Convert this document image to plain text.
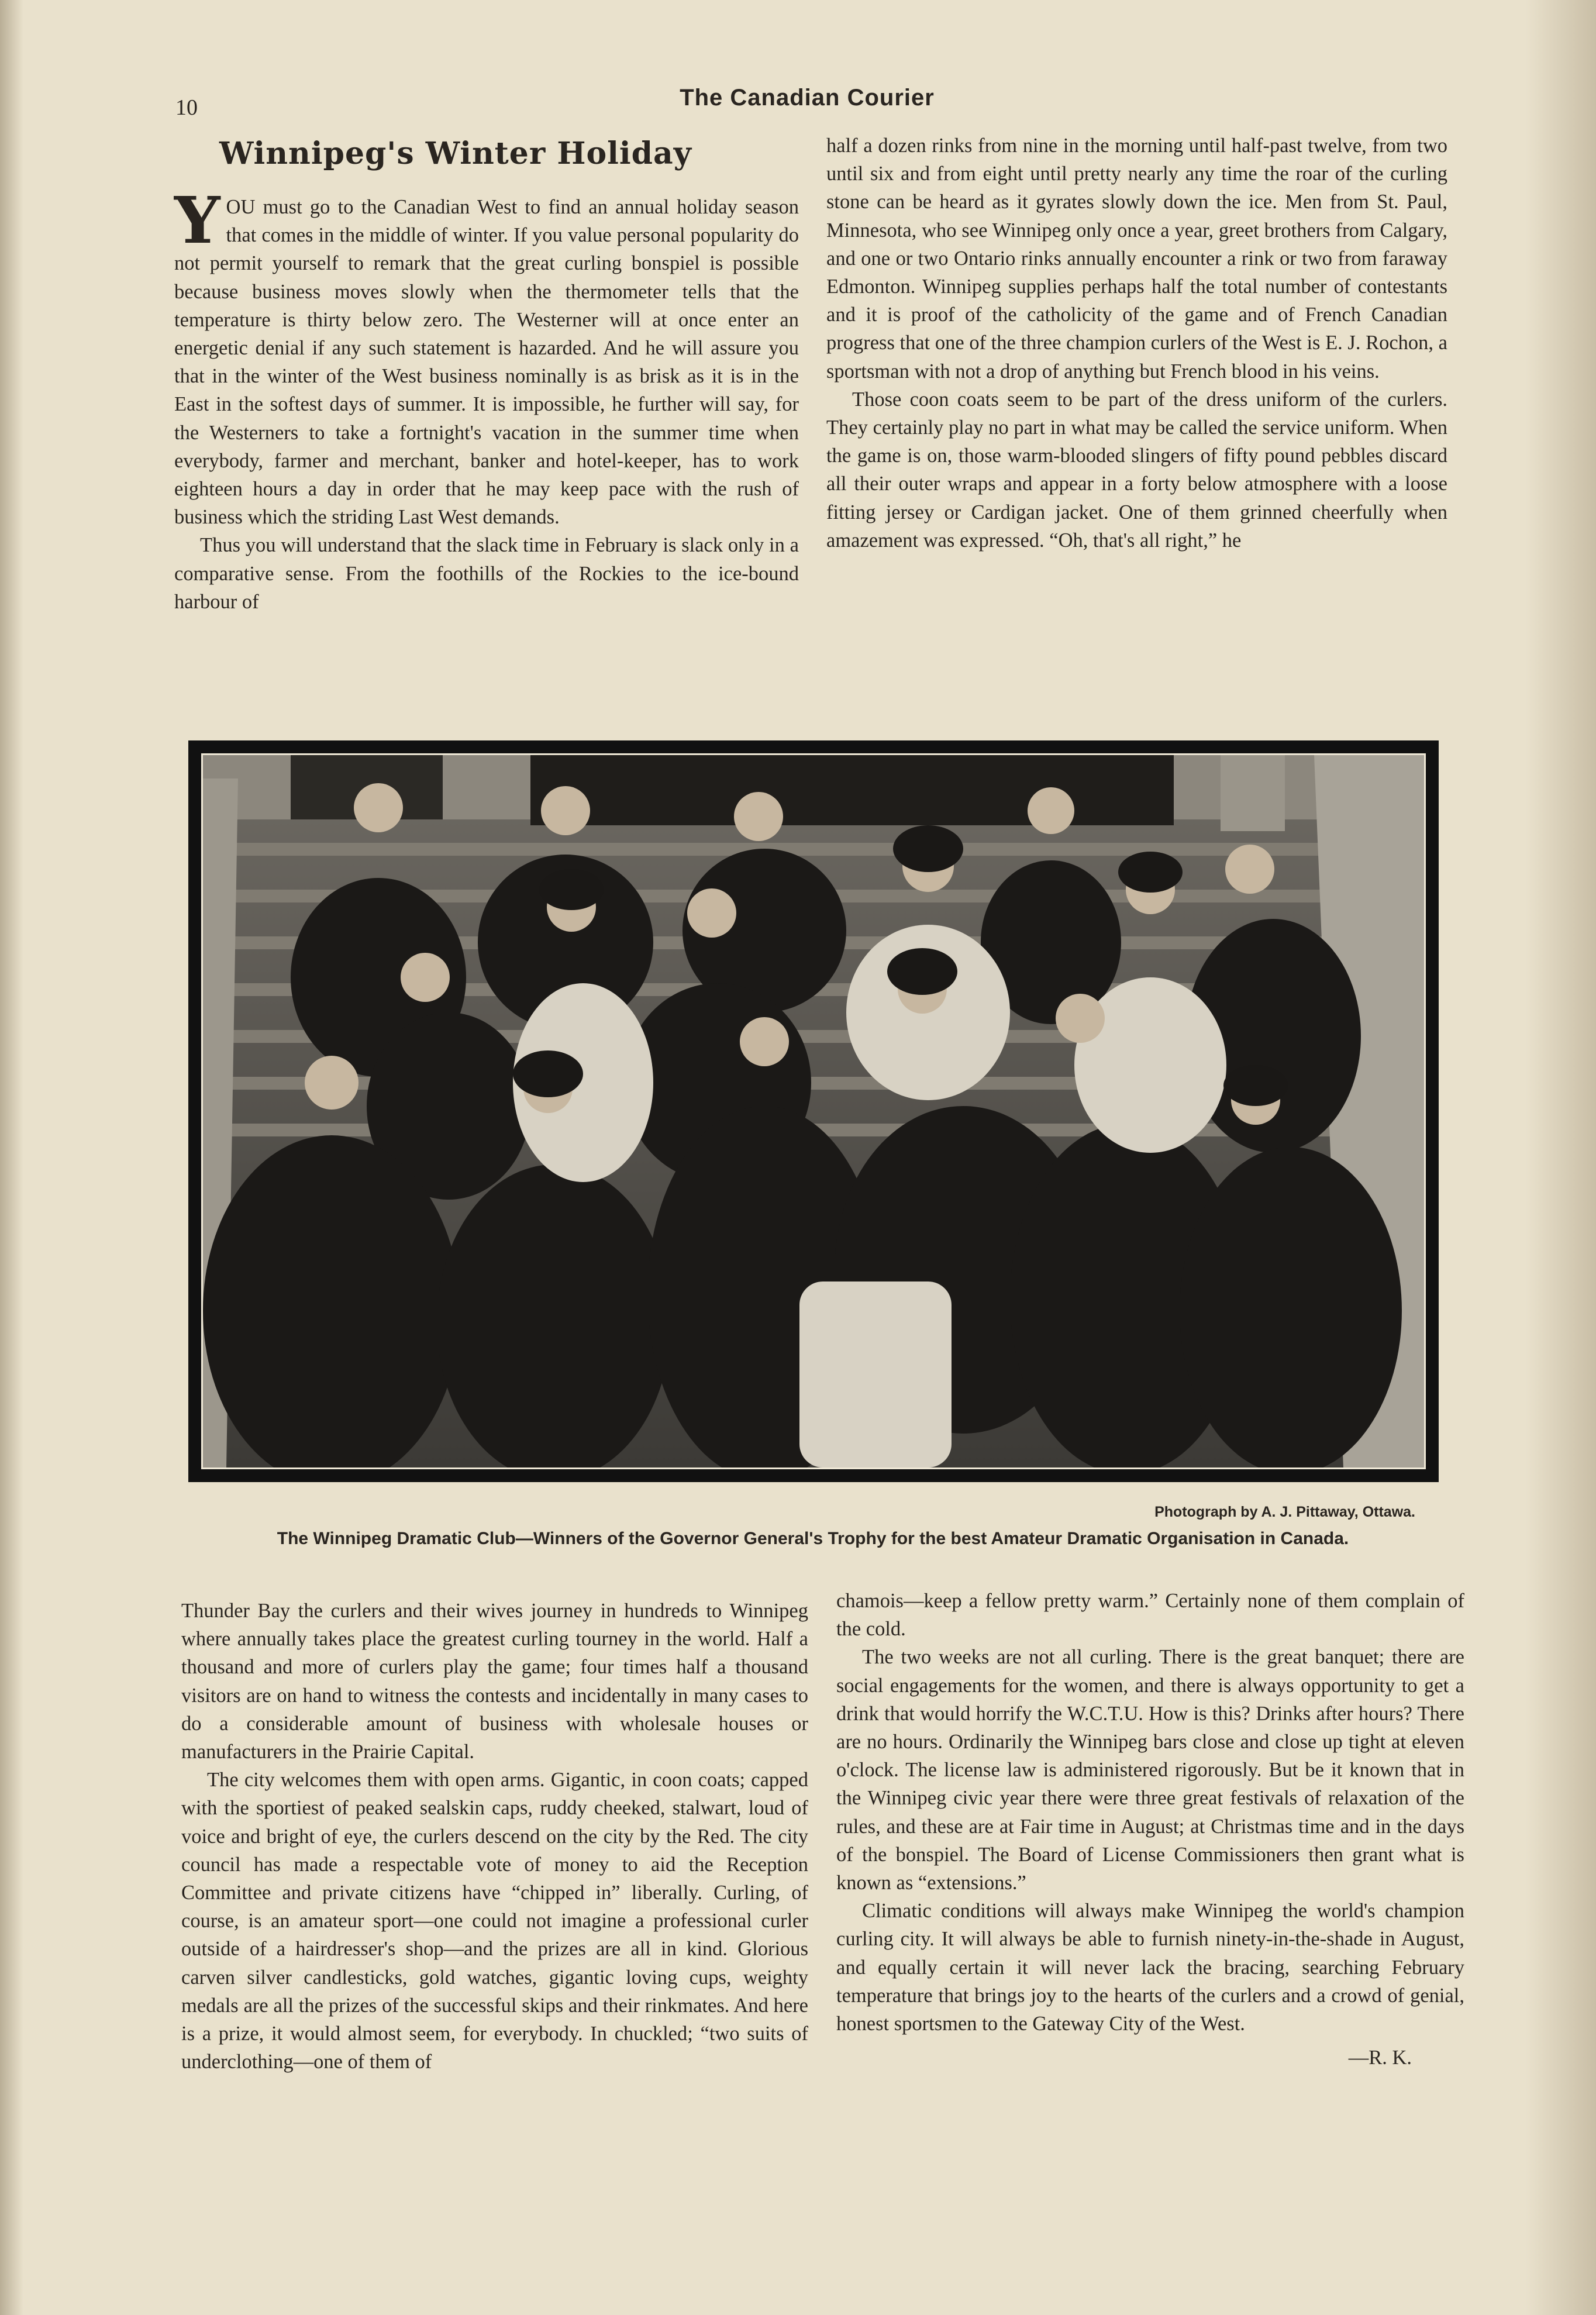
10	The Canadian Courier
Winnipeg's Winter Holiday

YOU must go to the Canadian West to find an annual holiday season that comes in the middle of winter. If you value personal popularity do not permit yourself to remark that the great curling bonspiel is possible because business moves slowly when the thermometer tells that the temperature is thirty below zero. The Westerner will at once enter an energetic denial if any such statement is hazarded. And he will assure you that in the winter of the West business nominally is as brisk as it is in the East in the softest days of summer. It is impossible, he further will say, for the Westerners to take a fortnight's vacation in the summer time when everybody, farmer and merchant, banker and hotel-keeper, has to work eighteen hours a day in order that he may keep pace with the rush of business which the striding Last West demands.

Thus you will understand that the slack time in February is slack only in a comparative sense. From the foothills of the Rockies to the ice-bound harbour of

half a dozen rinks from nine in the morning until half-past twelve, from two until six and from eight until pretty nearly any time the roar of the curling stone can be heard as it gyrates slowly down the ice. Men from St. Paul, Minnesota, who see Winnipeg only once a year, greet brothers from Calgary, and one or two Ontario rinks annually encounter a rink or two from faraway Edmonton. Winnipeg supplies perhaps half the total number of contestants and it is proof of the catholicity of the game and of French Canadian progress that one of the three champion curlers of the West is E. J. Rochon, a sportsman with not a drop of anything but French blood in his veins.

Those coon coats seem to be part of the dress uniform of the curlers. They certainly play no part in what may be called the service uniform. When the game is on, those warm-blooded slingers of fifty pound pebbles discard all their outer wraps and appear in a forty below atmosphere with a loose fitting jersey or Cardigan jacket. One of them grinned cheerfully when amazement was expressed. “Oh, that's all right,” he

Photograph by A. J. Pittaway, Ottawa.
The Winnipeg Dramatic Club—Winners of the Governor General's Trophy for the best Amateur Dramatic Organisation in Canada.

Thunder Bay the curlers and their wives journey in hundreds to Winnipeg where annually takes place the greatest curling tourney in the world. Half a thousand and more of curlers play the game; four times half a thousand visitors are on hand to witness the contests and incidentally in many cases to do a considerable amount of business with wholesale houses or manufacturers in the Prairie Capital.

The city welcomes them with open arms. Gigantic, in coon coats; capped with the sportiest of peaked sealskin caps, ruddy cheeked, stalwart, loud of voice and bright of eye, the curlers descend on the city by the Red. The city council has made a respectable vote of money to aid the Reception Committee and private citizens have “chipped in” liberally. Curling, of course, is an amateur sport—one could not imagine a professional curler outside of a hairdresser's shop—and the prizes are all in kind. Glorious carven silver candlesticks, gold watches, gigantic loving cups, weighty medals are all the prizes of the successful skips and their rinkmates. And here is a prize, it would almost seem, for everybody. In chuckled; “two suits of underclothing—one of them of

chamois—keep a fellow pretty warm.” Certainly none of them complain of the cold.

The two weeks are not all curling. There is the great banquet; there are social engagements for the women, and there is always opportunity to get a drink that would horrify the W.C.T.U. How is this? Drinks after hours? There are no hours. Ordinarily the Winnipeg bars close and close up tight at eleven o'clock. The license law is administered rigorously. But be it known that in the Winnipeg civic year there were three great festivals of relaxation of the rules, and these are at Fair time in August; at Christmas time and in the days of the bonspiel. The Board of License Commissioners then grant what is known as “extensions.”

Climatic conditions will always make Winnipeg the world's champion curling city. It will always be able to furnish ninety-in-the-shade in August, and equally certain it will never lack the bracing, searching February temperature that brings joy to the hearts of the curlers and a crowd of genial, honest sportsmen to the Gateway City of the West.

—R. K.
